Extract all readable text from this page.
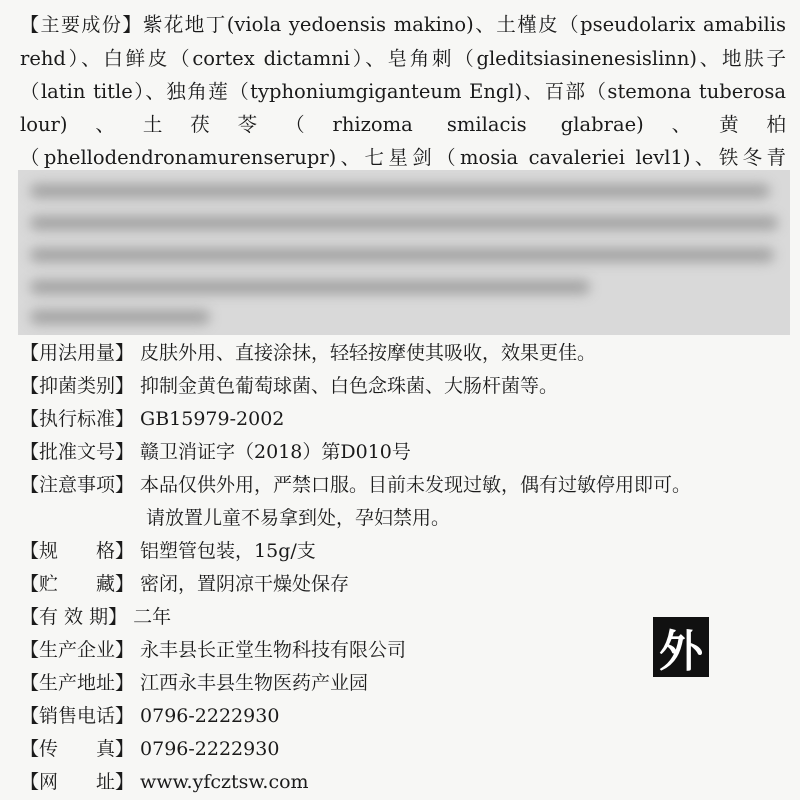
【主要成份】紫花地丁(viola yedoensis makino)、土槿皮（pseudolarix amabilis rehd）、白鲜皮（cortex dictamni）、皂角刺（gleditsiasinenesislinn)、地肤子（latin title）、独角莲（typhoniumgiganteum Engl)、百部（stemona tuberosa lour)、土茯苓（rhizoma smilacis glabrae)、黄柏（phellodendronamurenserupr)、七星剑（mosia cavaleriei levl1)、铁冬青
【用法用量】 皮肤外用、直接涂抹，轻轻按摩使其吸收，效果更佳。
【抑菌类别】 抑制金黄色葡萄球菌、白色念珠菌、大肠杆菌等。
【执行标准】 GB15979-2002
【批准文号】 赣卫消证字（2018）第D010号
【注意事项】 本品仅供外用，严禁口服。目前未发现过敏，偶有过敏停用即可。
请放置儿童不易拿到处，孕妇禁用。
【规　　格】 铝塑管包装，15g/支
【贮　　藏】 密闭，置阴凉干燥处保存
【有 效 期】 二年
【生产企业】 永丰县长正堂生物科技有限公司
【生产地址】 江西永丰县生物医药产业园
【销售电话】 0796-2222930
【传　　真】 0796-2222930
【网　　址】 www.yfcztsw.com
外
